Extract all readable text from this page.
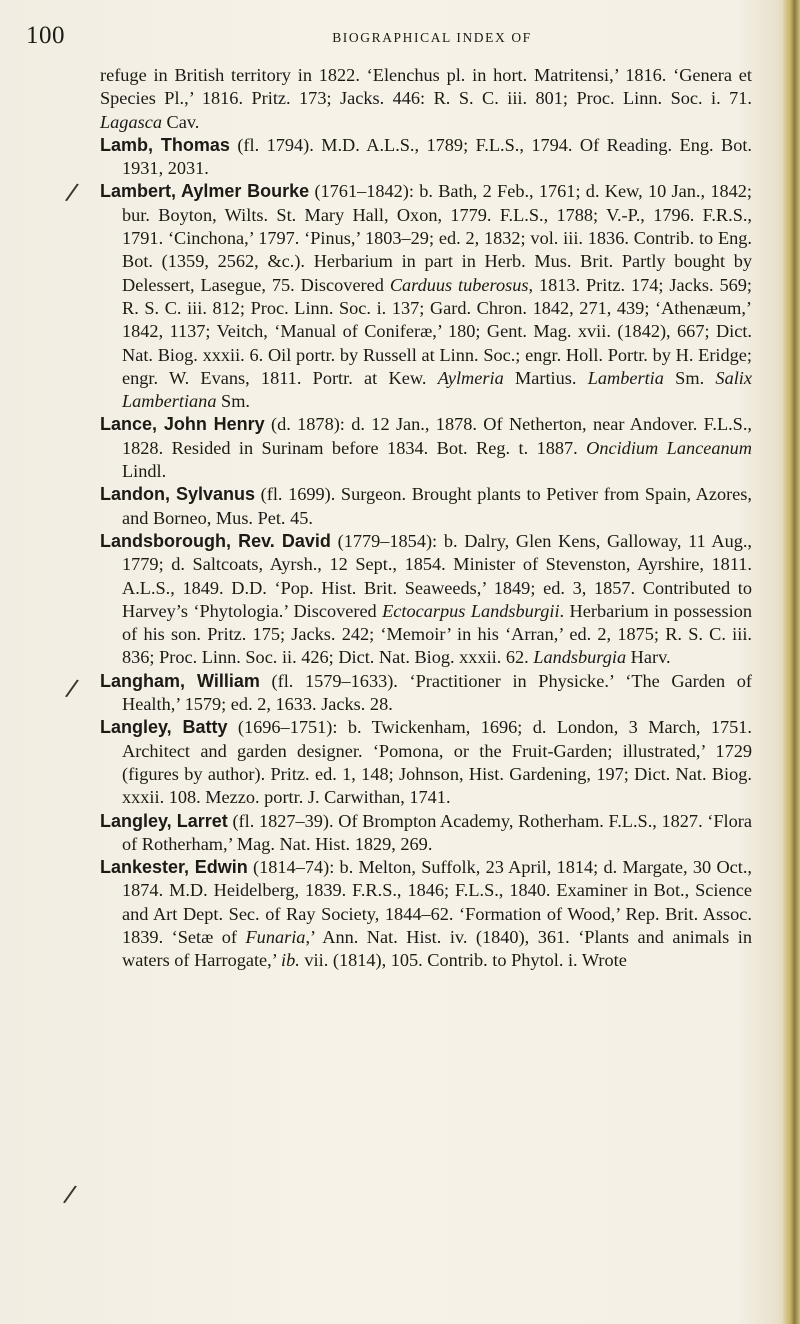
100	BIOGRAPHICAL INDEX OF
/
/
/

refuge in British territory in 1822. ‘Elenchus pl. in hort. Matritensi,’ 1816. ‘Genera et Species Pl.,’ 1816. Pritz. 173; Jacks. 446: R. S. C. iii. 801; Proc. Linn. Soc. i. 71. Lagasca Cav.

Lamb, Thomas (fl. 1794). M.D. A.L.S., 1789; F.L.S., 1794. Of Reading. Eng. Bot. 1931, 2031.

Lambert, Aylmer Bourke (1761–1842): b. Bath, 2 Feb., 1761; d. Kew, 10 Jan., 1842; bur. Boyton, Wilts. St. Mary Hall, Oxon, 1779. F.L.S., 1788; V.-P., 1796. F.R.S., 1791. ‘Cinchona,’ 1797. ‘Pinus,’ 1803–29; ed. 2, 1832; vol. iii. 1836. Contrib. to Eng. Bot. (1359, 2562, &c.). Herbarium in part in Herb. Mus. Brit. Partly bought by Delessert, Lasegue, 75. Discovered Carduus tuberosus, 1813. Pritz. 174; Jacks. 569; R. S. C. iii. 812; Proc. Linn. Soc. i. 137; Gard. Chron. 1842, 271, 439; ‘Athenæum,’ 1842, 1137; Veitch, ‘Manual of Coniferæ,’ 180; Gent. Mag. xvii. (1842), 667; Dict. Nat. Biog. xxxii. 6. Oil portr. by Russell at Linn. Soc.; engr. Holl. Portr. by H. Eridge; engr. W. Evans, 1811. Portr. at Kew. Aylmeria Martius. Lambertia Sm. Salix Lambertiana Sm.

Lance, John Henry (d. 1878): d. 12 Jan., 1878. Of Netherton, near Andover. F.L.S., 1828. Resided in Surinam before 1834. Bot. Reg. t. 1887. Oncidium Lanceanum Lindl.

Landon, Sylvanus (fl. 1699). Surgeon. Brought plants to Petiver from Spain, Azores, and Borneo, Mus. Pet. 45.

Landsborough, Rev. David (1779–1854): b. Dalry, Glen Kens, Galloway, 11 Aug., 1779; d. Saltcoats, Ayrsh., 12 Sept., 1854. Minister of Stevenston, Ayrshire, 1811. A.L.S., 1849. D.D. ‘Pop. Hist. Brit. Seaweeds,’ 1849; ed. 3, 1857. Contributed to Harvey’s ‘Phytologia.’ Discovered Ectocarpus Landsburgii. Herbarium in possession of his son. Pritz. 175; Jacks. 242; ‘Memoir’ in his ‘Arran,’ ed. 2, 1875; R. S. C. iii. 836; Proc. Linn. Soc. ii. 426; Dict. Nat. Biog. xxxii. 62. Landsburgia Harv.

Langham, William (fl. 1579–1633). ‘Practitioner in Physicke.’ ‘The Garden of Health,’ 1579; ed. 2, 1633. Jacks. 28.

Langley, Batty (1696–1751): b. Twickenham, 1696; d. London, 3 March, 1751. Architect and garden designer. ‘Pomona, or the Fruit-Garden; illustrated,’ 1729 (figures by author). Pritz. ed. 1, 148; Johnson, Hist. Gardening, 197; Dict. Nat. Biog. xxxii. 108. Mezzo. portr. J. Carwithan, 1741.

Langley, Larret (fl. 1827–39). Of Brompton Academy, Rotherham. F.L.S., 1827. ‘Flora of Rotherham,’ Mag. Nat. Hist. 1829, 269.

Lankester, Edwin (1814–74): b. Melton, Suffolk, 23 April, 1814; d. Margate, 30 Oct., 1874. M.D. Heidelberg, 1839. F.R.S., 1846; F.L.S., 1840. Examiner in Bot., Science and Art Dept. Sec. of Ray Society, 1844–62. ‘Formation of Wood,’ Rep. Brit. Assoc. 1839. ‘Setæ of Funaria,’ Ann. Nat. Hist. iv. (1840), 361. ‘Plants and animals in waters of Harrogate,’ ib. vii. (1814), 105. Contrib. to Phytol. i. Wrote
